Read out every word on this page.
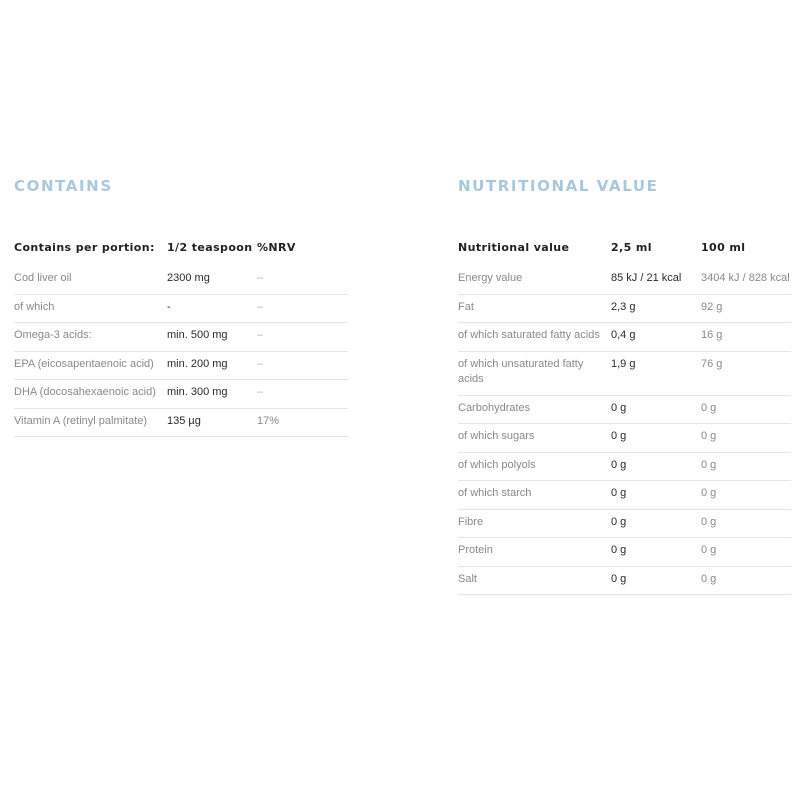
CONTAINS
Contains per portion:	1/2 teaspoon	%NRV
Cod liver oil	2300 mg	–
of which	-	–
Omega-3 acids:	min. 500 mg	–
EPA (eicosapentaenoic acid)	min. 200 mg	–
DHA (docosahexaenoic acid)	min. 300 mg	–
Vitamin A (retinyl palmitate)	135 µg	17%
NUTRITIONAL VALUE
Nutritional value	2,5 ml	100 ml
Energy value	85 kJ / 21 kcal	3404 kJ / 828 kcal
Fat	2,3 g	92 g
of which saturated fatty acids	0,4 g	16 g
of which unsaturated fatty acids	1,9 g	76 g
Carbohydrates	0 g	0 g
of which sugars	0 g	0 g
of which polyols	0 g	0 g
of which starch	0 g	0 g
Fibre	0 g	0 g
Protein	0 g	0 g
Salt	0 g	0 g
